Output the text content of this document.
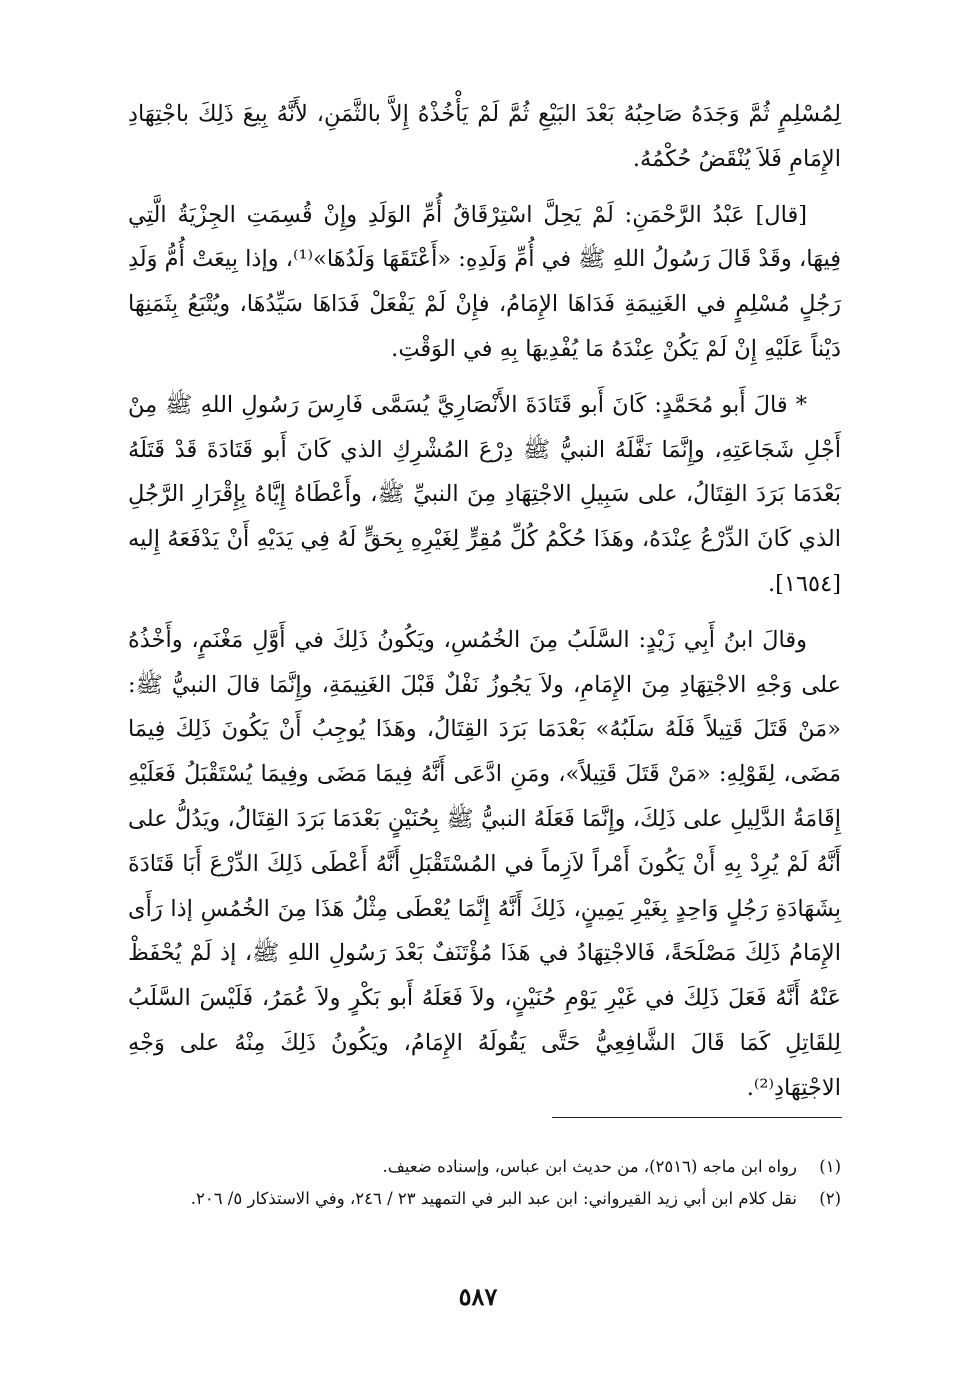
لِمُسْلِمٍ ثُمَّ وَجَدَهُ صَاحِبُهُ بَعْدَ البَيْعِ ثُمَّ لَمْ يَأْخُذْهُ إِلاَّ بالثَّمَنِ، لأَنَّهُ بِيعَ ذَلِكَ باجْتِهَادِ الإِمَامِ فَلاَ يُنْقَضُ حُكْمُهُ.

[قال] عَبْدُ الرَّحْمَنِ: لَمْ يَحِلَّ اسْتِرْقَاقُ أُمِّ الوَلَدِ وإِنْ قُسِمَتِ الجِزْيَةُ الَّتِي فِيهَا، وقَدْ قَالَ رَسُولُ اللهِ ﷺ في أُمِّ وَلَدِهِ: «أَعْتَقَهَا وَلَدُهَا»⁽¹⁾، وإذا بِيعَتْ أُمُّ وَلَدِ رَجُلٍ مُسْلِمٍ في الغَنِيمَةِ فَدَاهَا الإِمَامُ، فإِنْ لَمْ يَفْعَلْ فَدَاهَا سَيِّدُهَا، ويُتْبَعُ بِثَمَنِهَا دَيْناً عَلَيْهِ إِنْ لَمْ يَكُنْ عِنْدَهُ مَا يُفْدِيهَا بِهِ في الوَقْتِ.

* قالَ أَبو مُحَمَّدٍ: كَانَ أَبو قَتَادَةَ الأَنْصَارِيَّ يُسَمَّى فَارِسَ رَسُولِ اللهِ ﷺ مِنْ أَجْلِ شَجَاعَتِهِ، وإِنَّمَا نَفَّلَهُ النبيُّ ﷺ دِرْعَ المُشْرِكِ الذي كَانَ أَبو قَتَادَةَ قَدْ قَتَلَهُ بَعْدَمَا بَرَدَ القِتَالُ، على سَبِيلِ الاجْتِهَادِ مِنَ النبيِّ ﷺ، وأَعْطَاهُ إِيَّاهُ بِإِقْرَارِ الرَّجُلِ الذي كَانَ الدِّرْعُ عِنْدَهُ، وهَذَا حُكْمُ كُلِّ مُقِرٍّ لِغَيْرِهِ بِحَقٍّ لَهُ فِي يَدَيْهِ أَنْ يَدْفَعَهُ إِليه [١٦٥٤].

وقالَ ابنُ أَبِي زَيْدٍ: السَّلَبُ مِنَ الخُمُسِ، ويَكُونُ ذَلِكَ في أَوَّلِ مَغْنَمٍ، وأَخْذُهُ على وَجْهِ الاجْتِهَادِ مِنَ الإِمَامِ، ولاَ يَجُوزُ نَفْلٌ قَبْلَ الغَنِيمَةِ، وإِنَّمَا قالَ النبيُّ ﷺ: «مَنْ قَتَلَ قَتِيلاً فَلَهُ سَلَبُهُ» بَعْدَمَا بَرَدَ القِتَالُ، وهَذَا يُوجِبُ أَنْ يَكُونَ ذَلِكَ فِيمَا مَضَى، لِقَوْلِهِ: «مَنْ قَتَلَ قَتِيلاً»، ومَنِ ادَّعَى أَنَّهُ فِيمَا مَضَى وفِيمَا يُسْتَقْبَلُ فَعَلَيْهِ إِقَامَةُ الدَّلِيلِ على ذَلِكَ، وإِنَّمَا فَعَلَهُ النبيُّ ﷺ بِحُنَيْنٍ بَعْدَمَا بَرَدَ القِتَالُ، ويَدُلُّ على أَنَّهُ لَمْ يُرِدْ بِهِ أَنْ يَكُونَ أَمْراً لاَزِماً في المُسْتَقْبَلِ أَنَّهُ أَعْطَى ذَلِكَ الدِّرْعَ أَبَا قَتَادَةَ بِشَهَادَةِ رَجُلٍ وَاحِدٍ بِغَيْرِ يَمِينٍ، ذَلِكَ أَنَّهُ إِنَّمَا يُعْطَى مِثْلُ هَذَا مِنَ الخُمُسِ إذا رَأَى الإِمَامُ ذَلِكَ مَصْلَحَةً، فَالاجْتِهَادُ في هَذَا مُؤْتَنَفٌ بَعْدَ رَسُولِ اللهِ ﷺ، إذ لَمْ يُحْفَظْ عَنْهُ أَنَّهُ فَعَلَ ذَلِكَ في غَيْرِ يَوْمِ حُنَيْنٍ، ولاَ فَعَلَهُ أَبو بَكْرٍ ولاَ عُمَرُ، فَلَيْسَ السَّلَبُ لِلقَاتِلِ كَمَا قَالَ الشَّافِعِيُّ حَتَّى يَقُولَهُ الإِمَامُ، ويَكُونُ ذَلِكَ مِنْهُ على وَجْهِ الاجْتِهَادِ⁽²⁾.

(١)
رواه ابن ماجه (٢٥١٦)، من حديث ابن عباس، وإسناده ضعيف.
(٢)
نقل كلام ابن أبي زيد القيرواني: ابن عبد البر في التمهيد ٢٣ / ٢٤٦، وفي الاستذكار ٥/ ٢٠٦.
٥٨٧
